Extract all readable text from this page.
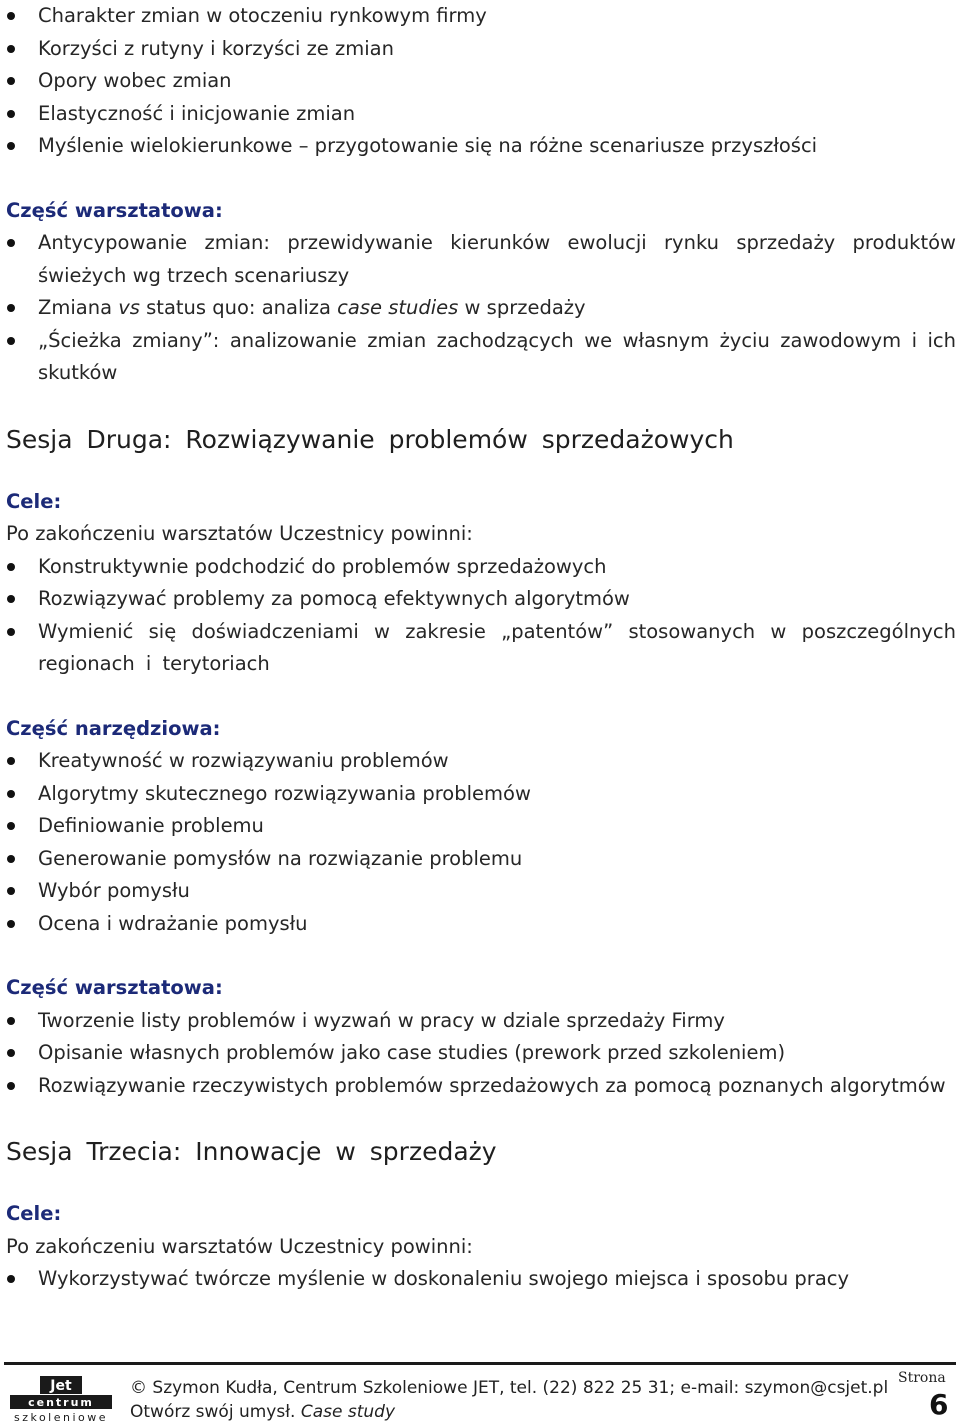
Charakter zmian w otoczeniu rynkowym firmy
Korzyści z rutyny i korzyści ze zmian
Opory wobec zmian
Elastyczność i inicjowanie zmian
Myślenie wielokierunkowe – przygotowanie się na różne scenariusze przyszłości
Część warsztatowa:
Antycypowanie zmian: przewidywanie kierunków ewolucji rynku sprzedaży produktów świeżych wg trzech scenariuszy
Zmiana vs status quo: analiza case studies w sprzedaży
„Ścieżka zmiany”: analizowanie zmian zachodzących we własnym życiu zawodowym i ich skutków
Sesja Druga: Rozwiązywanie problemów sprzedażowych
Cele:
Po zakończeniu warsztatów Uczestnicy powinni:
Konstruktywnie podchodzić do problemów sprzedażowych
Rozwiązywać problemy za pomocą efektywnych algorytmów
Wymienić się doświadczeniami w zakresie „patentów” stosowanych w poszczególnych regionach i terytoriach
Część narzędziowa:
Kreatywność w rozwiązywaniu problemów
Algorytmy skutecznego rozwiązywania problemów
Definiowanie problemu
Generowanie pomysłów na rozwiązanie problemu
Wybór pomysłu
Ocena i wdrażanie pomysłu
Część warsztatowa:
Tworzenie listy problemów i wyzwań w pracy w dziale sprzedaży Firmy
Opisanie własnych problemów jako case studies (prework przed szkoleniem)
Rozwiązywanie rzeczywistych problemów sprzedażowych za pomocą poznanych algorytmów
Sesja Trzecia: Innowacje w sprzedaży
Cele:
Po zakończeniu warsztatów Uczestnicy powinni:
Wykorzystywać twórcze myślenie w doskonaleniu swojego miejsca i sposobu pracy
Jet
centrum
szkoleniowe
© Szymon Kudła, Centrum Szkoleniowe JET, tel. (22) 822 25 31; e-mail: szymon@csjet.pl
Otwórz swój umysł. Case study
Strona
6
